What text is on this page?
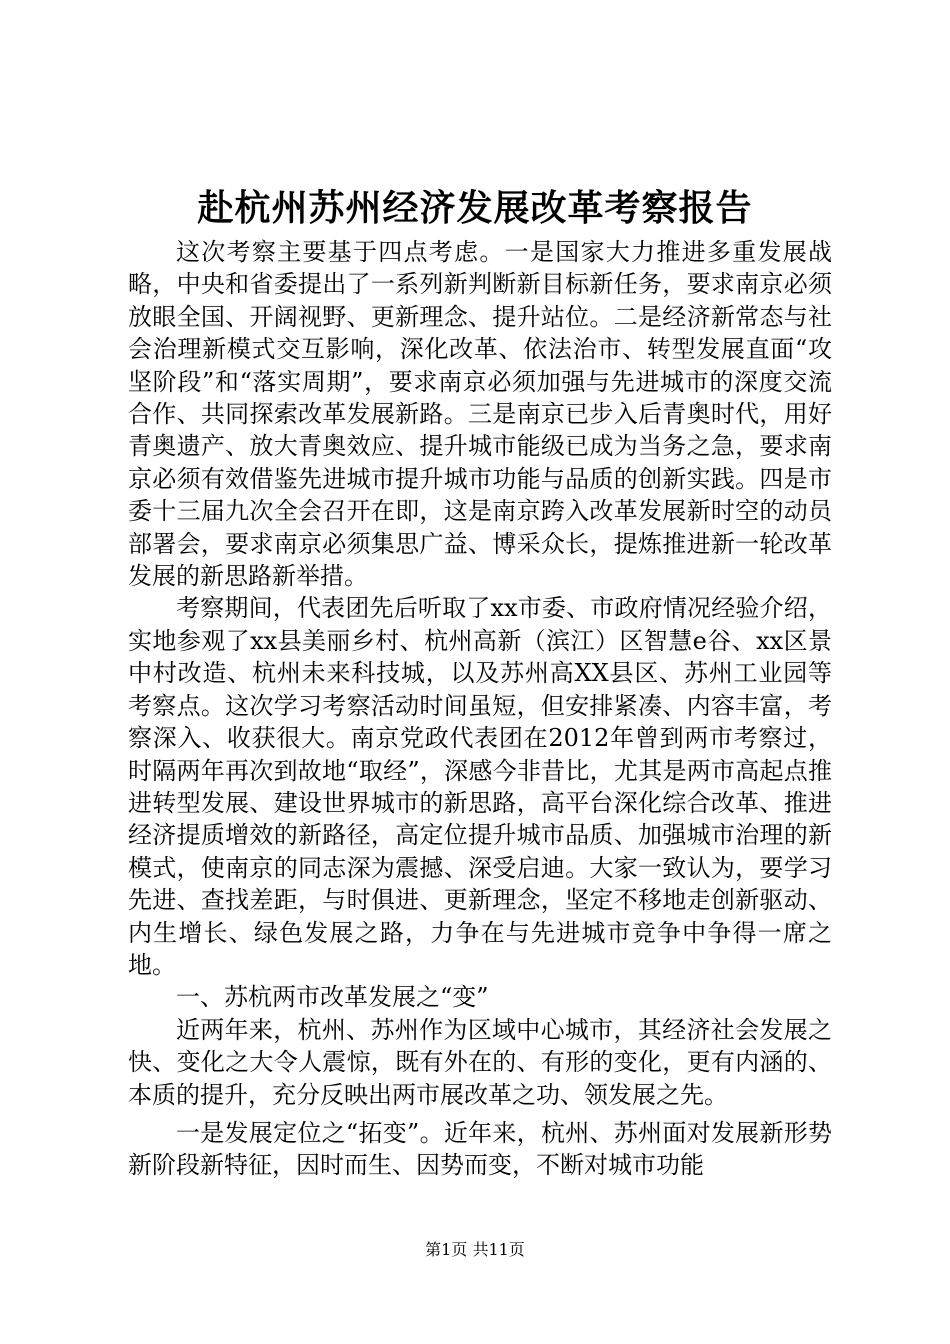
赴杭州苏州经济发展改革考察报告

这次考察主要基于四点考虑。一是国家大力推进多重发展战略，中央和省委提出了一系列新判断新目标新任务，要求南京必须放眼全国、开阔视野、更新理念、提升站位。二是经济新常态与社会治理新模式交互影响，深化改革、依法治市、转型发展直面“攻坚阶段”和“落实周期”，要求南京必须加强与先进城市的深度交流合作、共同探索改革发展新路。三是南京已步入后青奥时代，用好青奥遗产、放大青奥效应、提升城市能级已成为当务之急，要求南京必须有效借鉴先进城市提升城市功能与品质的创新实践。四是市委十三届九次全会召开在即，这是南京跨入改革发展新时空的动员部署会，要求南京必须集思广益、博采众长，提炼推进新一轮改革发展的新思路新举措。

考察期间，代表团先后听取了xx市委、市政府情况经验介绍，实地参观了xx县美丽乡村、杭州高新（滨江）区智慧e谷、xx区景中村改造、杭州未来科技城，以及苏州高XX县区、苏州工业园等考察点。这次学习考察活动时间虽短，但安排紧凑、内容丰富，考察深入、收获很大。南京党政代表团在2012年曾到两市考察过，时隔两年再次到故地“取经”，深感今非昔比，尤其是两市高起点推进转型发展、建设世界城市的新思路，高平台深化综合改革、推进经济提质增效的新路径，高定位提升城市品质、加强城市治理的新模式，使南京的同志深为震撼、深受启迪。大家一致认为，要学习先进、查找差距，与时俱进、更新理念，坚定不移地走创新驱动、内生增长、绿色发展之路，力争在与先进城市竞争中争得一席之地。

一、苏杭两市改革发展之“变”

近两年来，杭州、苏州作为区域中心城市，其经济社会发展之快、变化之大令人震惊，既有外在的、有形的变化，更有内涵的、本质的提升，充分反映出两市展改革之功、领发展之先。

一是发展定位之“拓变”。近年来，杭州、苏州面对发展新形势新阶段新特征，因时而生、因势而变，不断对城市功能

第1页 共11页
